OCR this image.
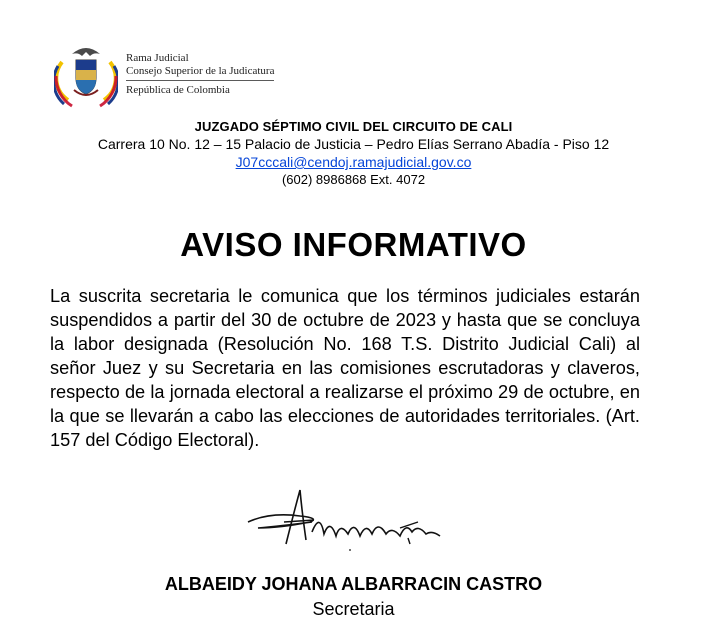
Rama Judicial
Consejo Superior de la Judicatura
República de Colombia
JUZGADO SÉPTIMO CIVIL DEL CIRCUITO DE CALI
Carrera 10 No. 12 – 15 Palacio de Justicia – Pedro Elías Serrano Abadía - Piso 12
J07cccali@cendoj.ramajudicial.gov.co
(602) 8986868 Ext. 4072
AVISO INFORMATIVO
La suscrita secretaria le comunica que los términos judiciales estarán suspendidos a partir del 30 de octubre de 2023 y hasta que se concluya la labor designada (Resolución No. 168 T.S. Distrito Judicial Cali) al señor Juez y su Secretaria en las comisiones escrutadoras y claveros, respecto de la jornada electoral a realizarse el próximo 29 de octubre, en la que se llevarán a cabo las elecciones de autoridades territoriales. (Art. 157 del Código Electoral).
ALBAEIDY JOHANA ALBARRACIN CASTRO
Secretaria
